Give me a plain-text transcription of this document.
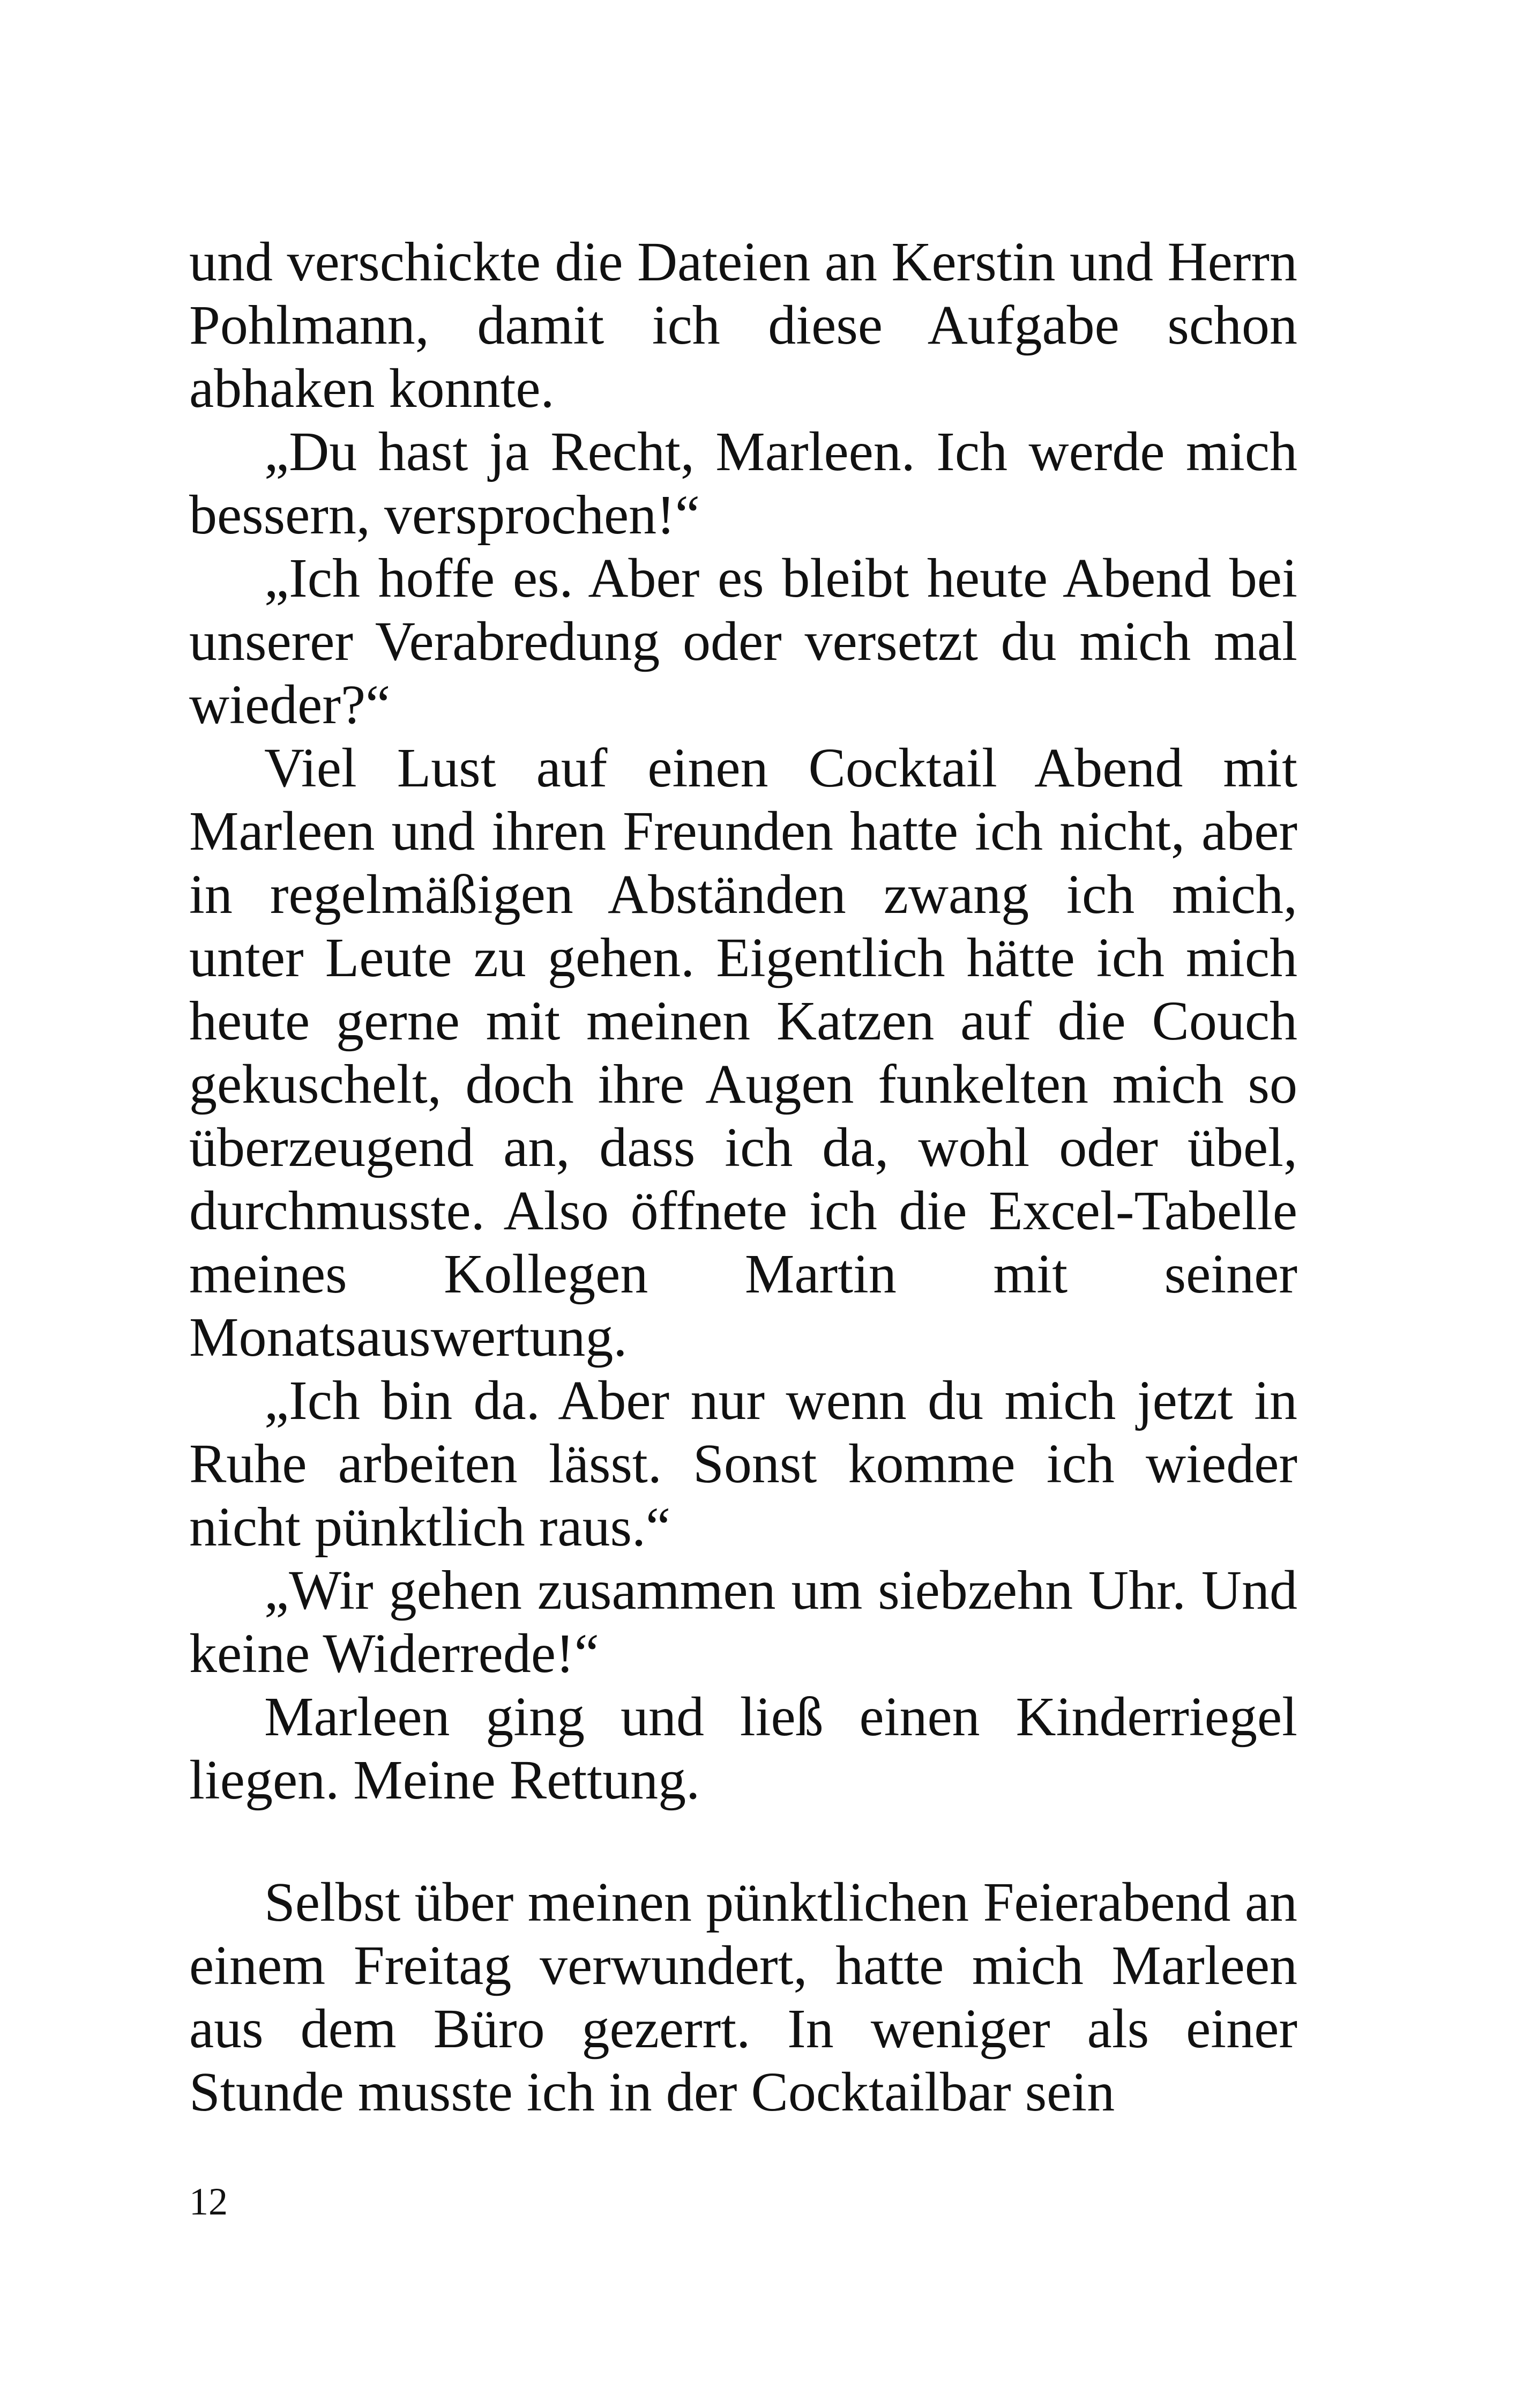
und verschickte die Dateien an Kerstin und Herrn Pohlmann, damit ich diese Aufgabe schon abhaken konnte.

„Du hast ja Recht, Marleen. Ich werde mich bessern, versprochen!“

„Ich hoffe es. Aber es bleibt heute Abend bei unserer Verabredung oder versetzt du mich mal wieder?“

Viel Lust auf einen Cocktail Abend mit Marleen und ihren Freunden hatte ich nicht, aber in regelmäßigen Abständen zwang ich mich, unter Leute zu gehen. Eigentlich hätte ich mich heute gerne mit meinen Katzen auf die Couch gekuschelt, doch ihre Augen funkelten mich so überzeugend an, dass ich da, wohl oder übel, durchmusste. Also öffnete ich die Excel-Tabelle meines Kollegen Martin mit seiner Monatsauswertung.

„Ich bin da. Aber nur wenn du mich jetzt in Ruhe arbeiten lässt. Sonst komme ich wieder nicht pünktlich raus.“

„Wir gehen zusammen um siebzehn Uhr. Und keine Widerrede!“

Marleen ging und ließ einen Kinderriegel liegen. Meine Rettung.

Selbst über meinen pünktlichen Feierabend an einem Freitag verwundert, hatte mich Marleen aus dem Büro gezerrt. In weniger als einer Stunde musste ich in der Cocktailbar sein

12
